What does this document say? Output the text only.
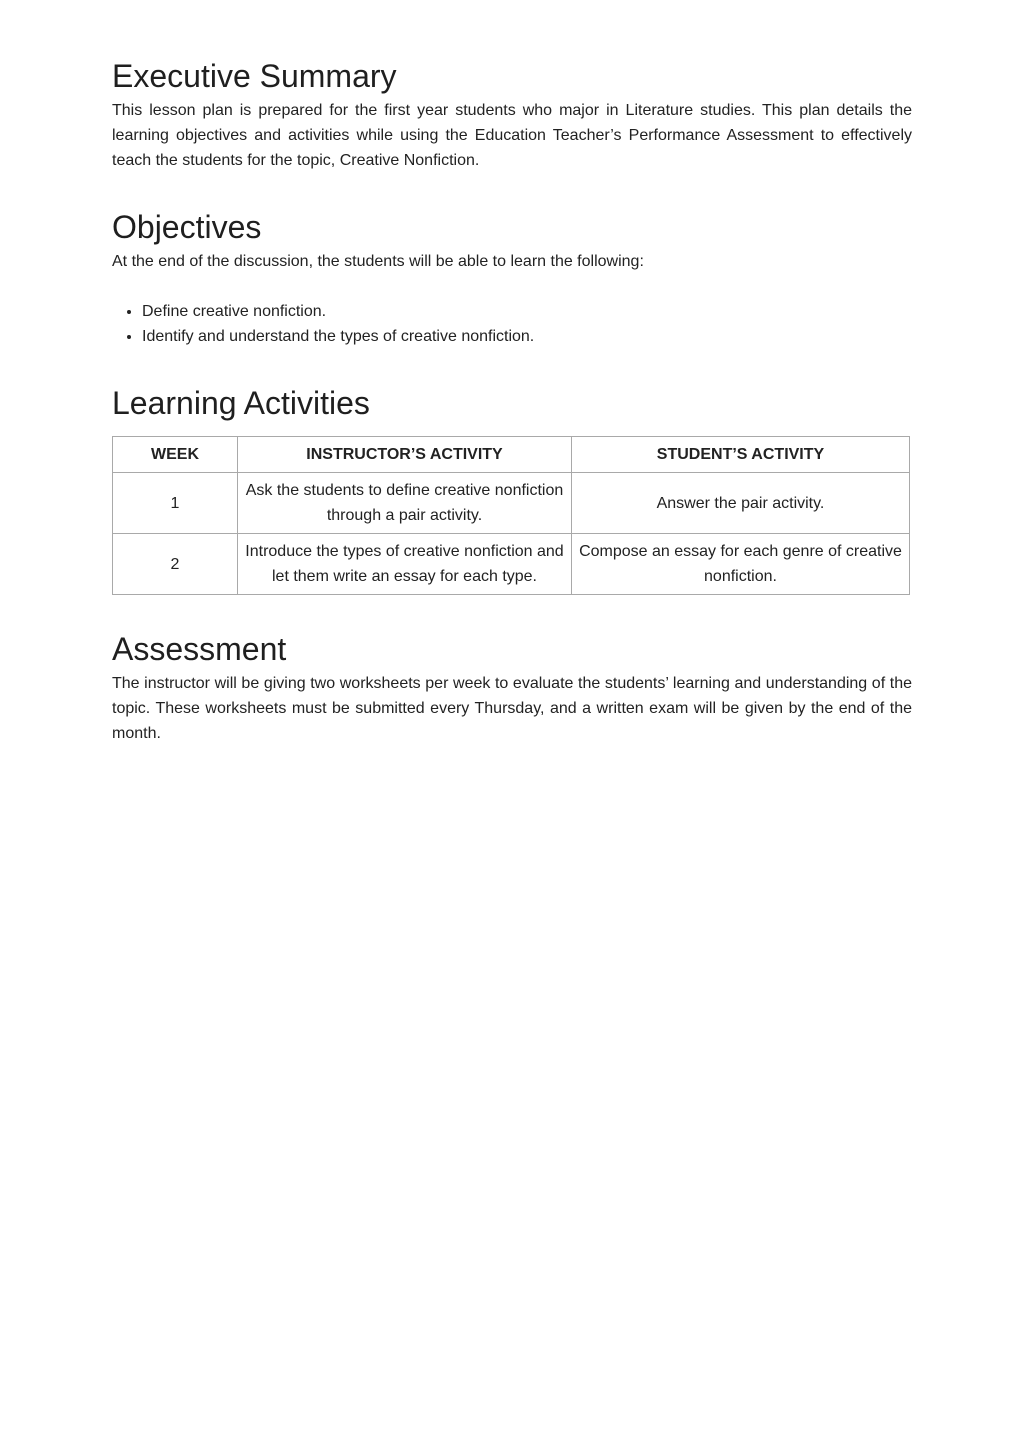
Executive Summary

This lesson plan is prepared for the first year students who major in Literature studies. This plan details the learning objectives and activities while using the Education Teacher’s Performance Assessment to effectively teach the students for the topic, Creative Nonfiction.

Objectives

At the end of the discussion, the students will be able to learn the following:

• Define creative nonfiction.
• Identify and understand the types of creative nonfiction.
Learning Activities
WEEK	INSTRUCTOR’S ACTIVITY	STUDENT’S ACTIVITY
1	Ask the students to define creative nonfiction through a pair activity.	Answer the pair activity.
2	Introduce the types of creative nonfiction and let them write an essay for each type.	Compose an essay for each genre of creative nonfiction.
Assessment

The instructor will be giving two worksheets per week to evaluate the students’ learning and understanding of the topic. These worksheets must be submitted every Thursday, and a written exam will be given by the end of the month.
